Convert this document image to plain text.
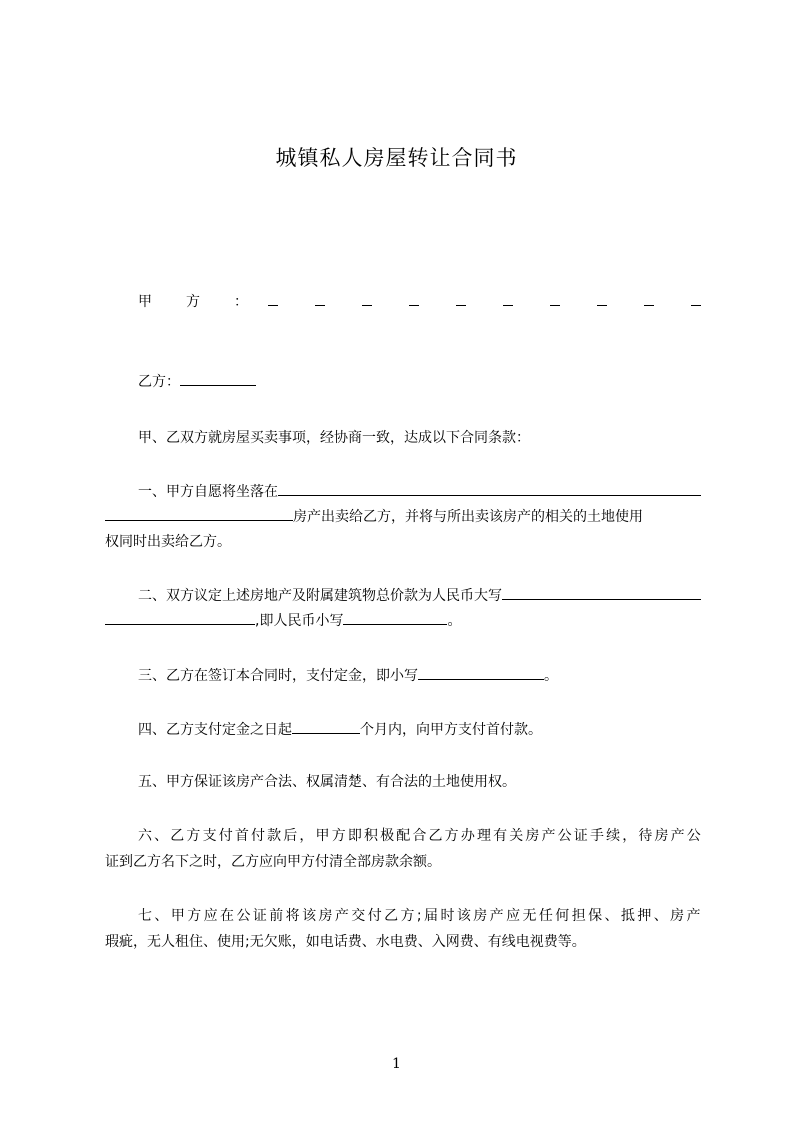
城镇私人房屋转让合同书
甲 方 ：
乙方：
甲、乙双方就房屋买卖事项，经协商一致，达成以下合同条款：
一、甲方自愿将坐落在
房产出卖给乙方，并将与所出卖该房产的相关的土地使用
权同时出卖给乙方。
二、双方议定上述房地产及附属建筑物总价款为人民币大写
,即人民币小写	。
三、乙方在签订本合同时，支付定金，即小写	。
四、乙方支付定金之日起	个月内，向甲方支付首付款。
五、甲方保证该房产合法、权属清楚、有合法的土地使用权。
六 、 乙 方 支 付 首 付 款 后 ， 甲 方 即 积 极 配 合 乙 方 办 理 有 关 房 产 公 证 手 续 ， 待 房 产 公
证到乙方名下之时，乙方应向甲方付清全部房款余额。
七 、 甲 方 应 在 公 证 前 将 该 房 产 交 付 乙 方 ; 届 时 该 房 产 应 无 任 何 担 保 、 抵 押 、 房 产
瑕疵，无人租住、使用;无欠账，如电话费、水电费、入网费、有线电视费等。
1
